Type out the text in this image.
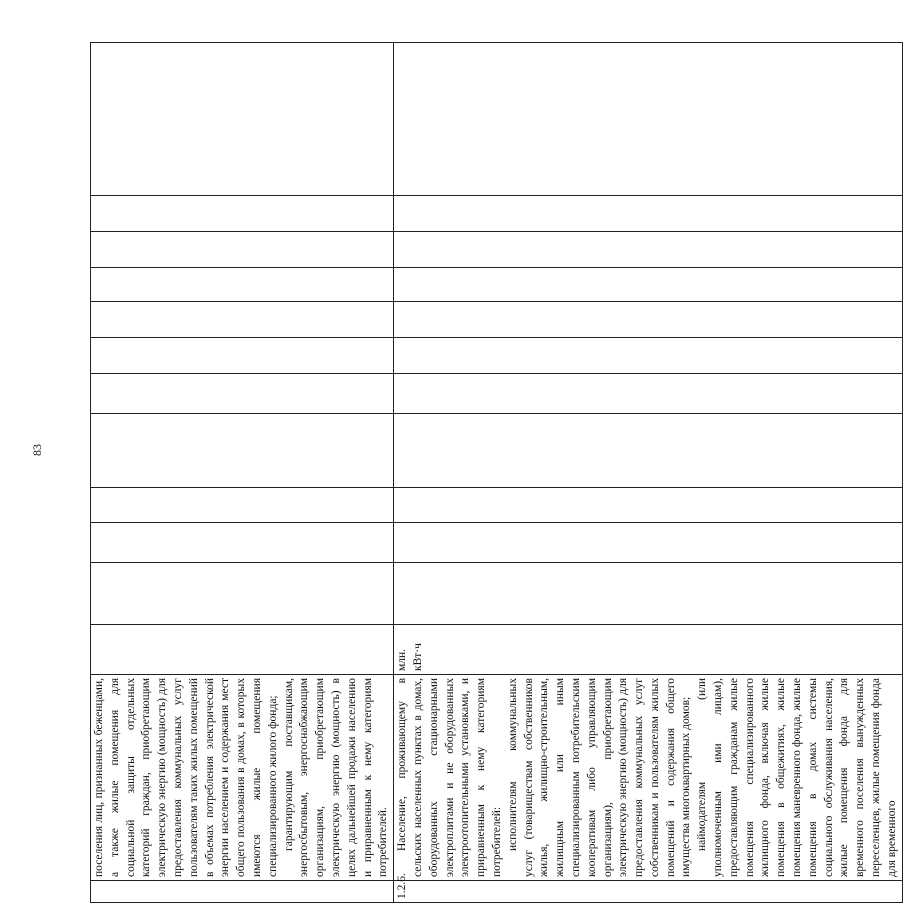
83

	поселения лиц, признанных беженцами, а также жилые помещения для социальной защиты отдельных категорий граждан, приобретающим электрическую энергию (мощность) для предоставления коммунальных услуг пользователям таких жилых помещений в объемах потребления электрической энергии населением и содержания мест общего пользования в домах, в которых имеются жилые помещения специализированного жилого фонда; гарантирующим поставщикам, энергосбытовым, энергоснабжающим организациям, приобретающим электрическую энергию (мощность) в целях дальнейшей продажи населению и приравненным к нему категориям потребителей.												

1.2.6.	Население, проживающему в сельских населенных пунктах в домах, оборудованных стационарными электроплитами и не оборудованных электроотопительными установками, и приравненным к нему категориям потребителей: исполнителям коммунальных услуг (товариществам собственников жилья, жилищно-строительным, жилищным или иным специализированным потребительским кооперативам либо управляющим организациям), приобретающим электрическую энергию (мощность) для предоставления коммунальных услуг собственникам и пользователям жилых помещений и содержания общего имущества многоквартирных домов; наймодателям (или уполномоченным ими лицам), предоставляющим гражданам жилые помещения специализированного жилищного фонда, включая жилые помещения в общежитиях, жилые помещения маневренного фонда, жилые помещения в домах системы социального обслуживания населения, жилые помещения фонда для временного поселения вынужденных переселенцев, жилые помещения фонда для временного	млн. кВт·ч											
